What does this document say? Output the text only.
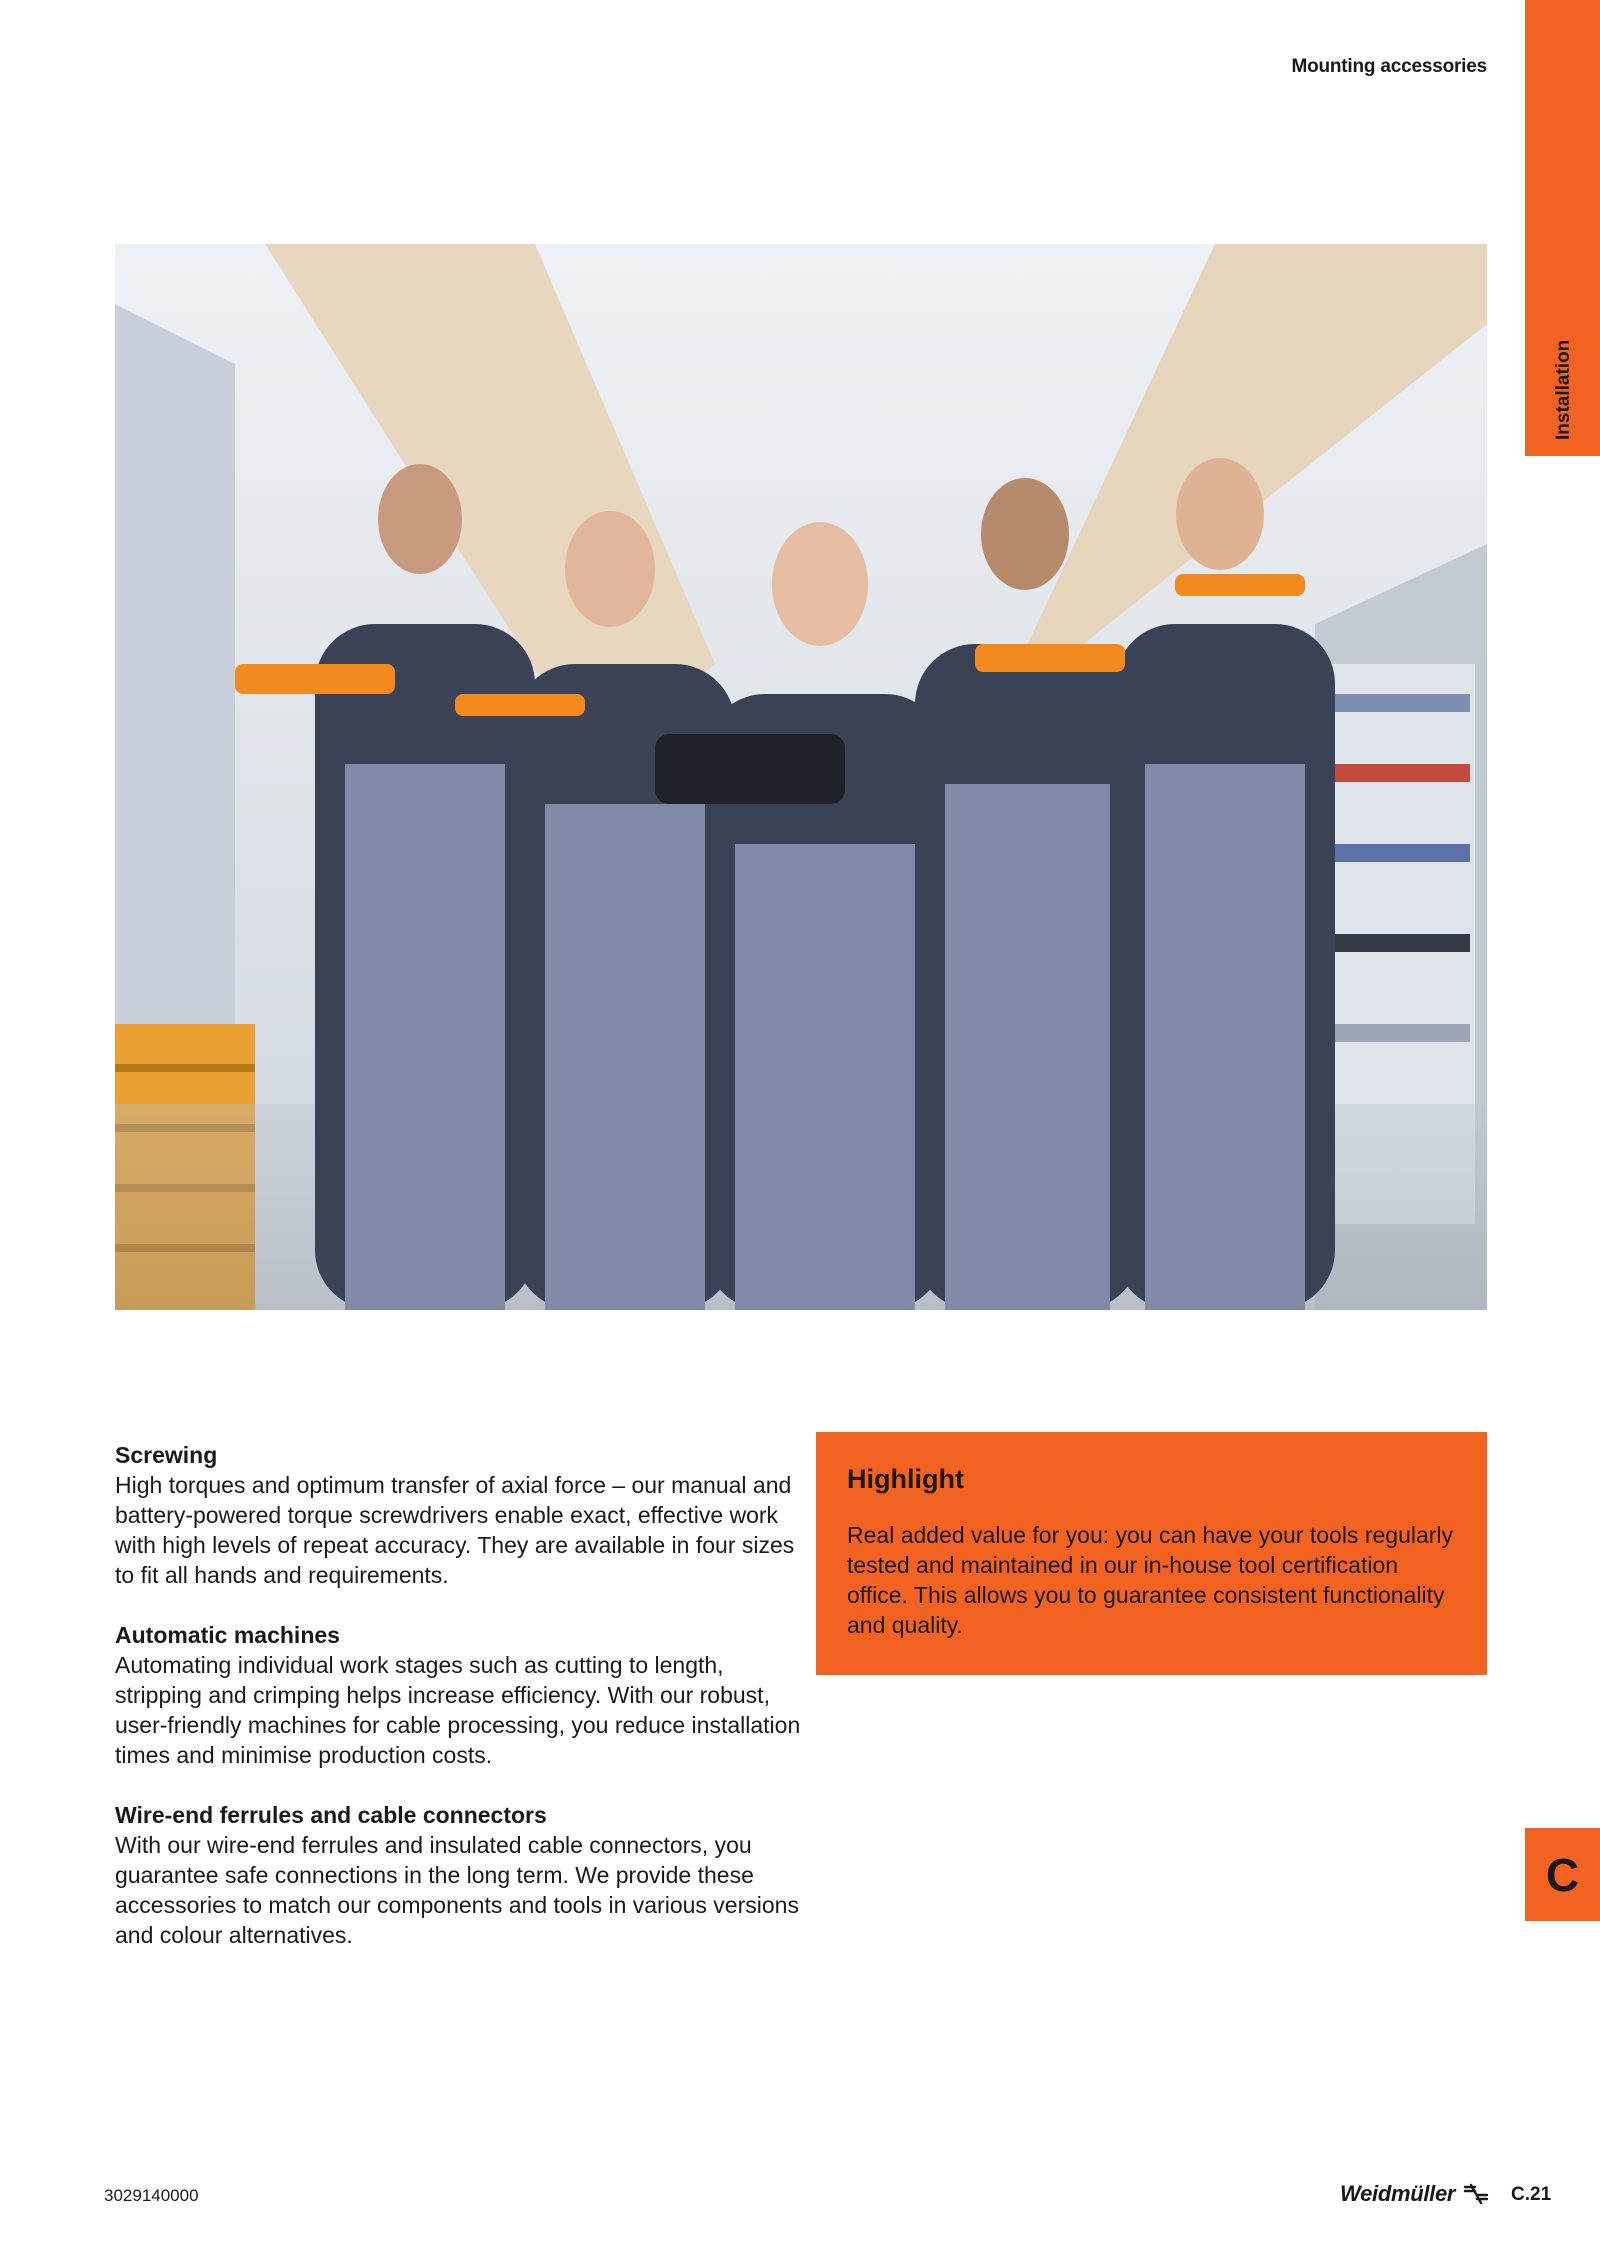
Mounting accessories
Installation
Screwing

High torques and optimum transfer of axial force – our manual and battery-powered torque screwdrivers enable exact, effective work with high levels of repeat accuracy. They are available in four sizes to fit all hands and requirements.

Automatic machines

Automating individual work stages such as cutting to length, stripping and crimping helps increase efficiency. With our robust, user-friendly machines for cable processing, you reduce installation times and minimise production costs.

Wire-end ferrules and cable connectors

With our wire-end ferrules and insulated cable connectors, you guarantee safe connections in the long term. We provide these accessories to match our components and tools in various versions and colour alternatives.

Highlight

Real added value for you: you can have your tools regularly tested and maintained in our in-house tool certification office. This allows you to guarantee consistent functionality and quality.

C
3029140000	Weidmüller	C.21
